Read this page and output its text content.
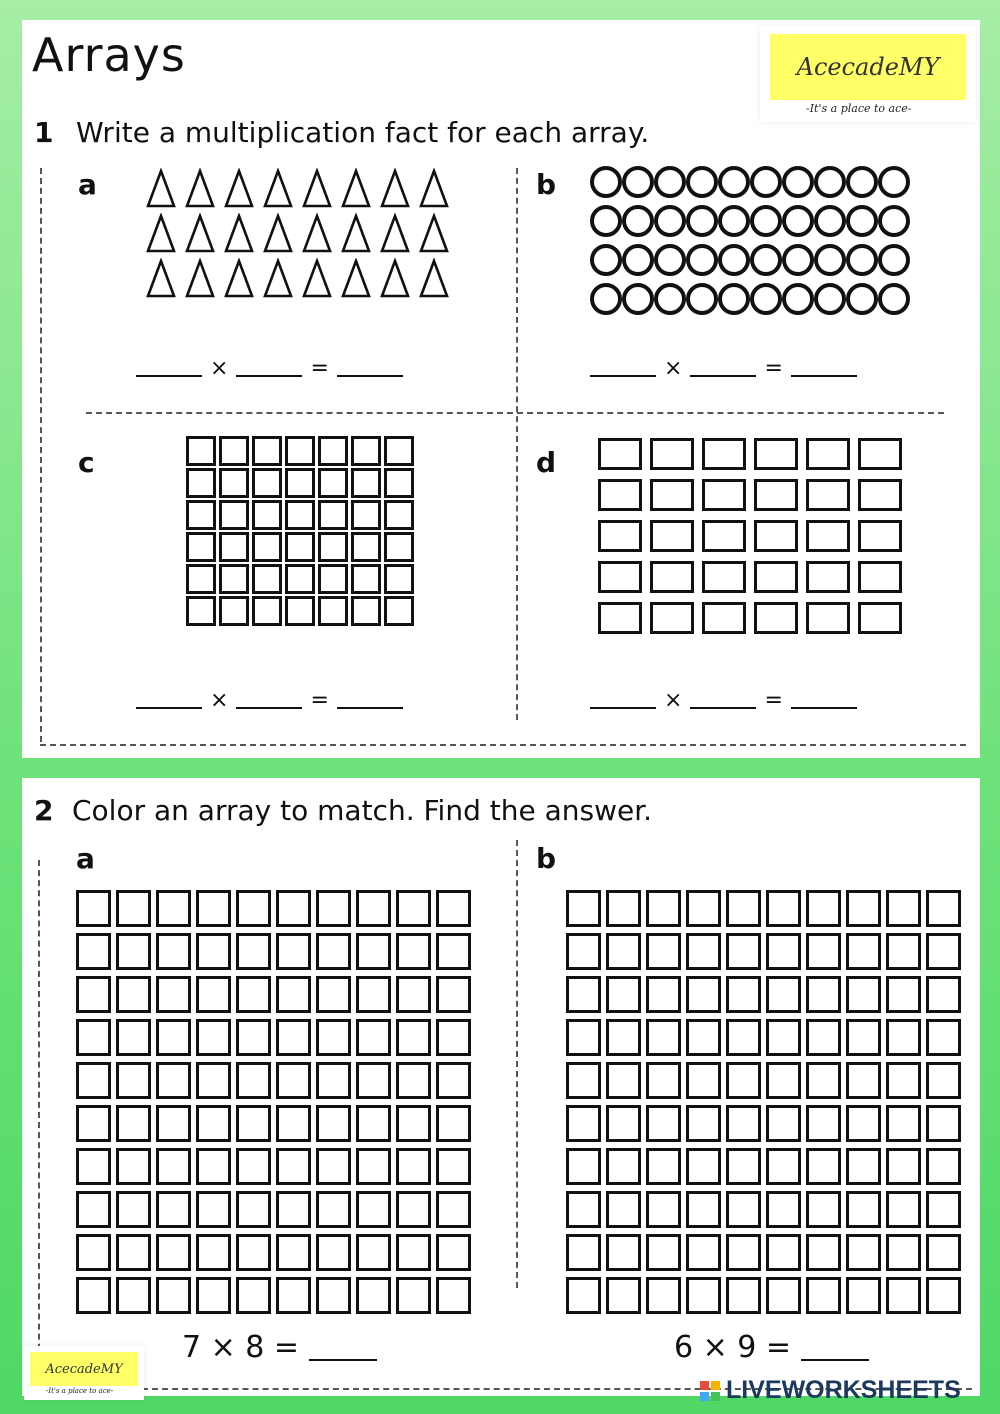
Arrays	AcecadeMY
-It's a place to ace-
1 Write a multiplication fact for each array.
a
×	=
b
×	=
c
×	=
d
×	=
2 Color an array to match. Find the answer.
a
7 × 8 =
b
6 × 9 =
AcecadeMY
-It's a place to ace-	LIVEWORKSHEETS
